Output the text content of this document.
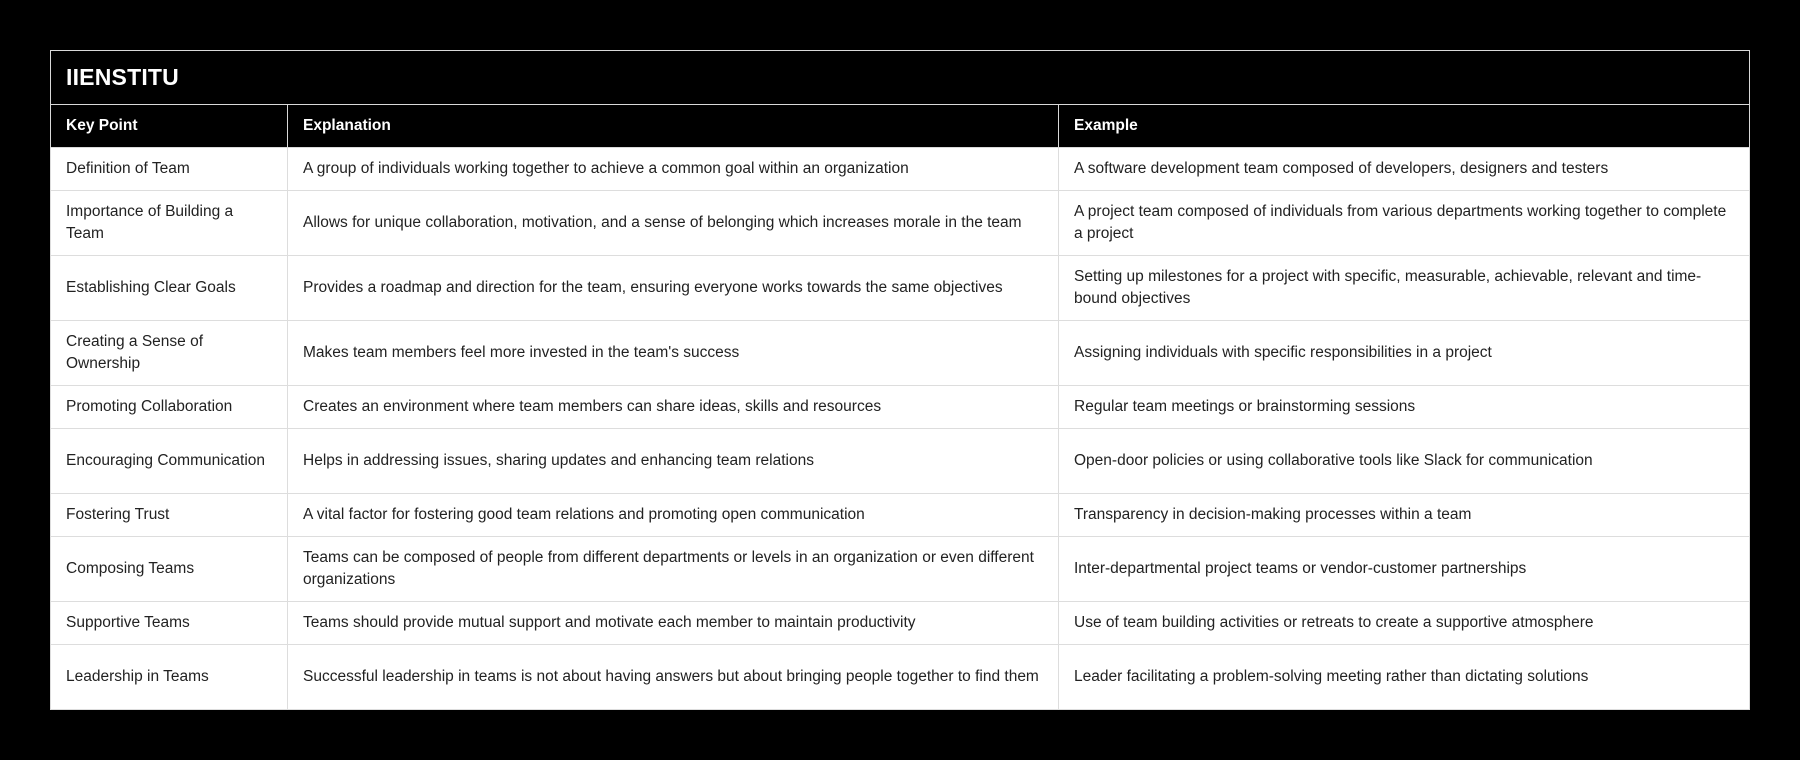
IIENSTITU		
Key Point	Explanation	Example
Definition of Team	A group of individuals working together to achieve a common goal within an organization	A software development team composed of developers, designers and testers
Importance of Building a Team	Allows for unique collaboration, motivation, and a sense of belonging which increases morale in the team	A project team composed of individuals from various departments working together to complete a project
Establishing Clear Goals	Provides a roadmap and direction for the team, ensuring everyone works towards the same objectives	Setting up milestones for a project with specific, measurable, achievable, relevant and time-bound objectives
Creating a Sense of Ownership	Makes team members feel more invested in the team's success	Assigning individuals with specific responsibilities in a project
Promoting Collaboration	Creates an environment where team members can share ideas, skills and resources	Regular team meetings or brainstorming sessions
Encouraging Communication	Helps in addressing issues, sharing updates and enhancing team relations	Open-door policies or using collaborative tools like Slack for communication
Fostering Trust	A vital factor for fostering good team relations and promoting open communication	Transparency in decision-making processes within a team
Composing Teams	Teams can be composed of people from different departments or levels in an organization or even different organizations	Inter-departmental project teams or vendor-customer partnerships
Supportive Teams	Teams should provide mutual support and motivate each member to maintain productivity	Use of team building activities or retreats to create a supportive atmosphere
Leadership in Teams	Successful leadership in teams is not about having answers but about bringing people together to find them	Leader facilitating a problem-solving meeting rather than dictating solutions
